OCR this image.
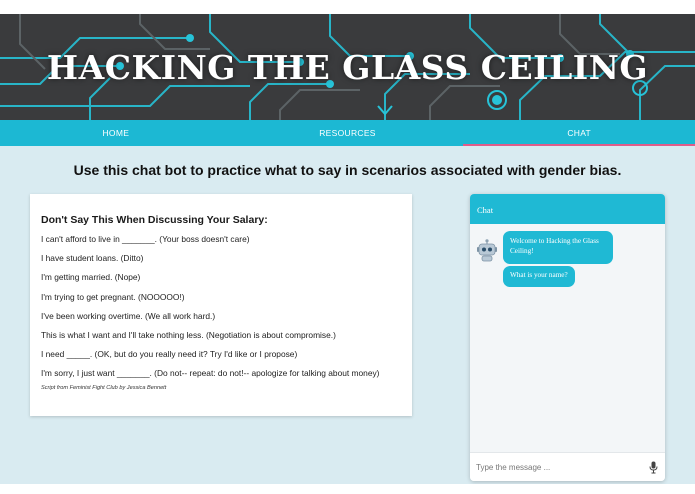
HACKING THE GLASS CEILING
HOME	RESOURCES	CHAT
Use this chat bot to practice what to say in scenarios associated with gender bias.
Don't Say This When Discussing Your Salary:

I can't afford to live in _______. (Your boss doesn't care)

I have student loans. (Ditto)

I'm getting married. (Nope)

I'm trying to get pregnant. (NOOOOO!)

I've been working overtime. (We all work hard.)

This is what I want and I'll take nothing less. (Negotiation is about compromise.)

I need _____. (OK, but do you really need it? Try I'd like or I propose)

I'm sorry, I just want _______. (Do not-- repeat: do not!-- apologize for talking about money)

Script from Feminist Fight Club by Jessica Bennett

Chat
Welcome to Hacking the Glass Ceiling!
What is your name?
Type the message ...
